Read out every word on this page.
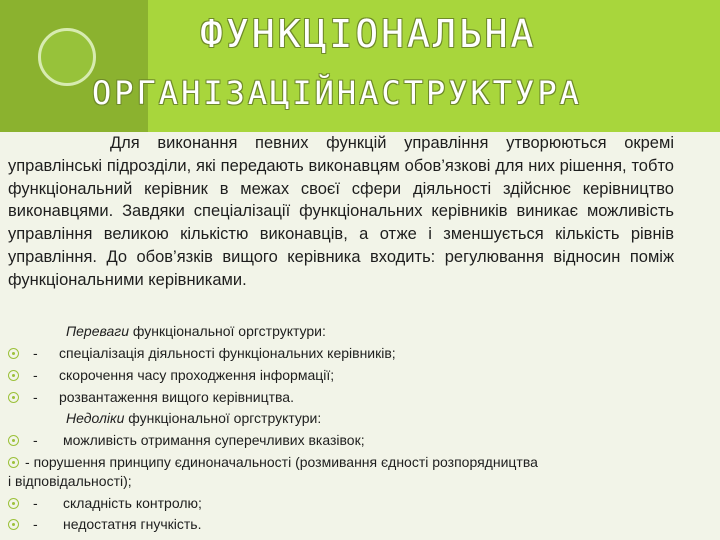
ФУНКЦІОНАЛЬНА
ОРГАНІЗАЦІЙНАСТРУКТУРА

Для виконання певних функцій управління утворюються окремі управлінські підрозділи, які передають виконавцям обов’язкові для них рішення, тобто функціональний керівник в межах своєї сфери діяльності здійснює керівництво виконавцями. Завдяки спеціалізації функціональних керівників виникає можливість управління великою кількістю виконавців, а отже і зменшується кількість рівнів управління. До обов’язків вищого керівника входить: регулювання відносин поміж функціональними керівниками.

Переваги функціональної оргструктури:
- спеціалізація діяльності функціональних керівників;
- скорочення часу проходження інформації;
- розвантаження вищого керівництва.
Недоліки функціональної оргструктури:
- можливість отримання суперечливих вказівок;
- порушення принципу єдиноначальності (розмивання єдності розпорядництва
і відповідальності);
- складність контролю;
- недостатня гнучкість.
